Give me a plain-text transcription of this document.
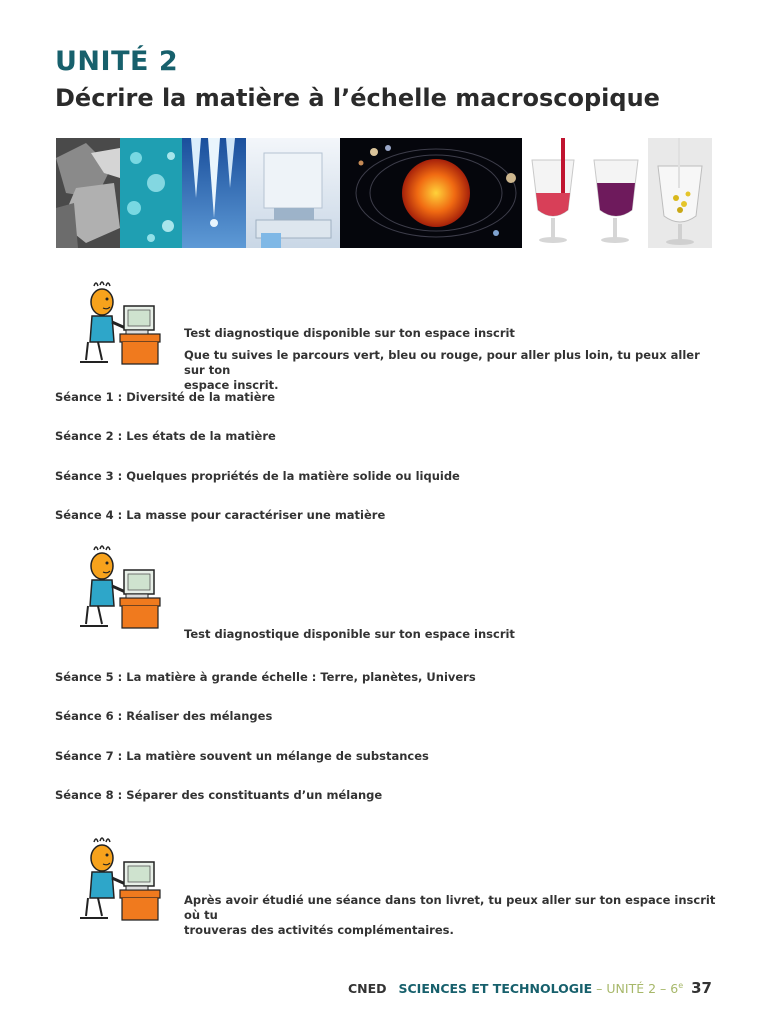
UNITÉ 2
Décrire la matière à l’échelle macroscopique
Test diagnostique disponible sur ton espace inscrit
Que tu suives le parcours vert, bleu ou rouge, pour aller plus loin, tu peux aller sur ton
espace inscrit.
Séance 1 : Diversité de la matière
Séance 2 : Les états de la matière
Séance 3 : Quelques propriétés de la matière solide ou liquide
Séance 4 : La masse pour caractériser une matière
Test diagnostique disponible sur ton espace inscrit
Séance 5 : La matière à grande échelle : Terre, planètes, Univers
Séance 6 : Réaliser des mélanges
Séance 7 : La matière souvent un mélange de substances
Séance 8 : Séparer des constituants d’un mélange
Après avoir étudié une séance dans ton livret, tu peux aller sur ton espace inscrit où tu
trouveras des activités complémentaires.
CNED SCIENCES ET TECHNOLOGIE – UNITÉ 2 – 6e 37
